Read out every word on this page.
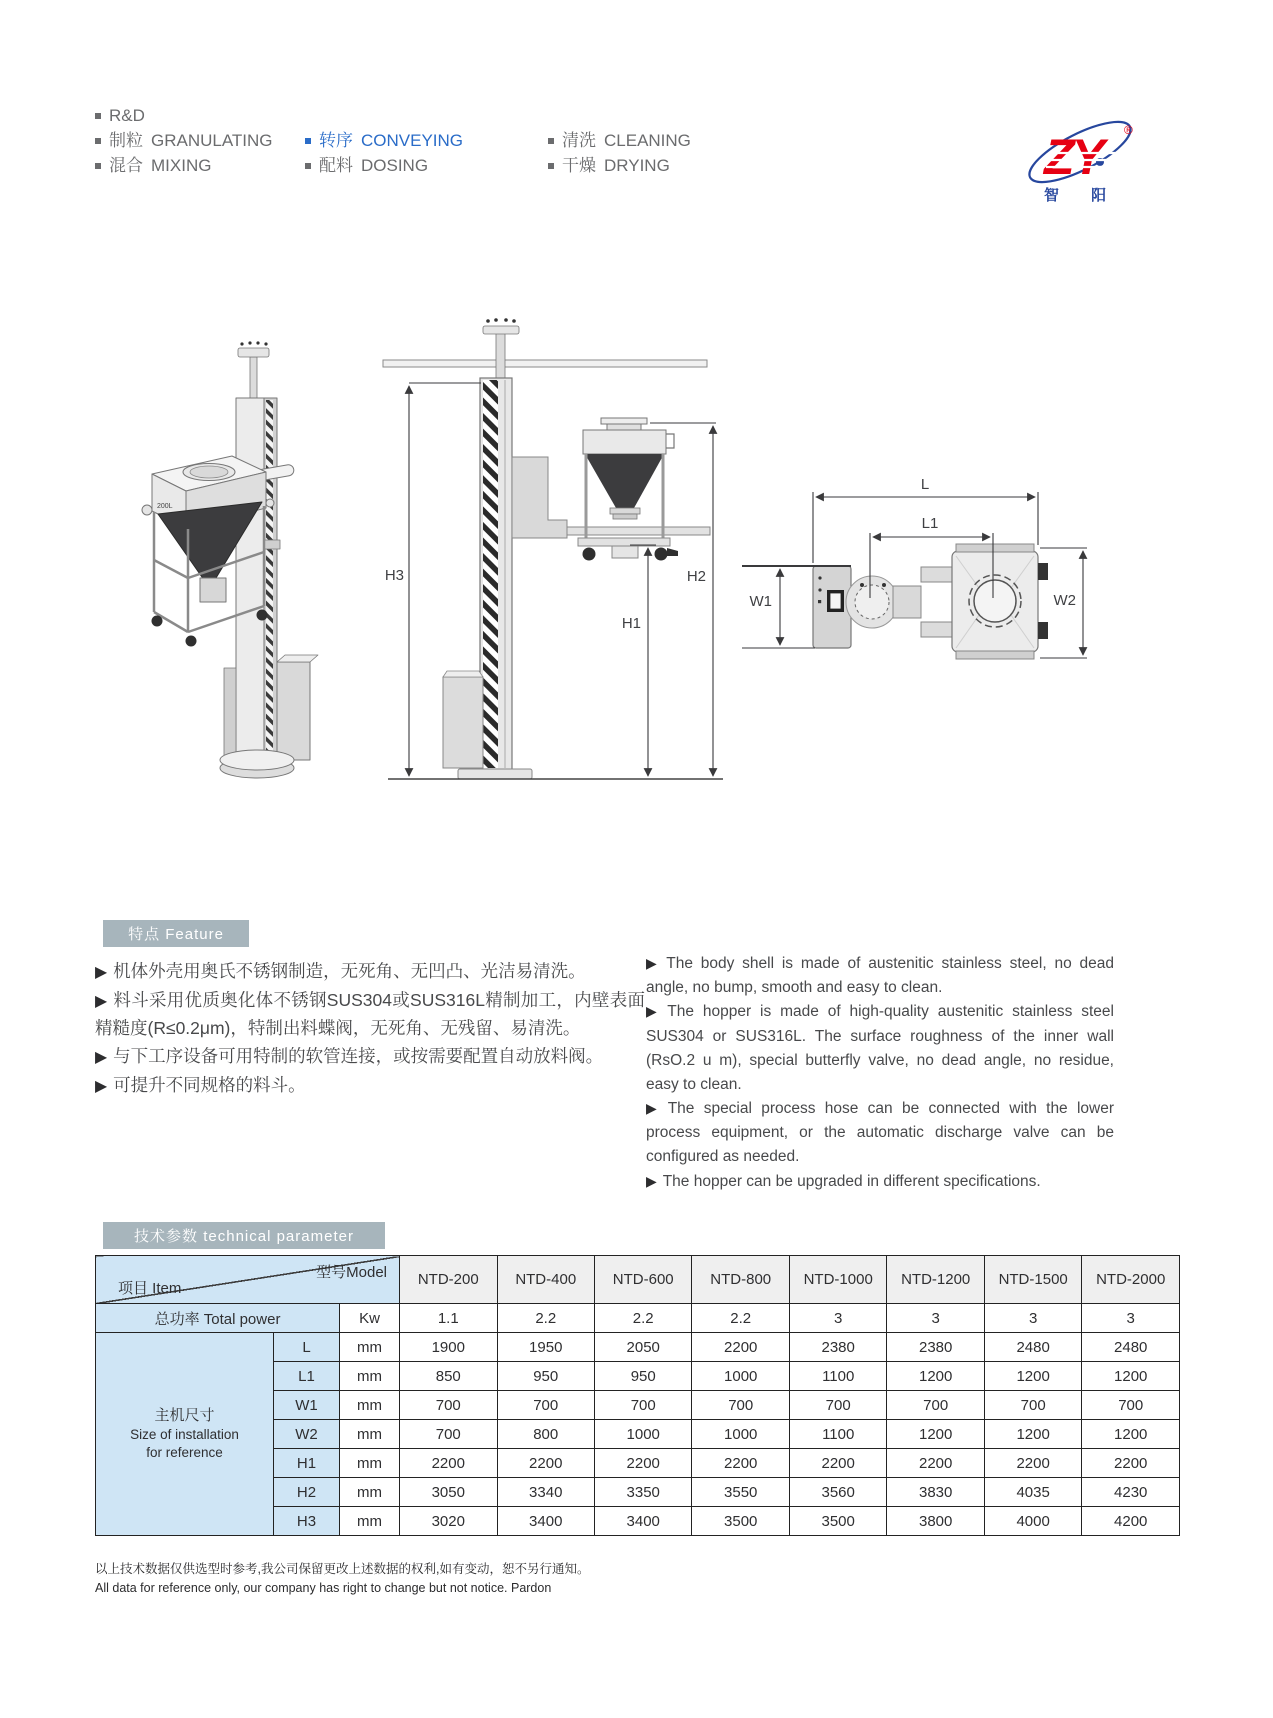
R&D
制粒 GRANULATING
混合 MIXING
转序 CONVEYING
配料 DOSING
清洗 CLEANING
干燥 DRYING	ZY	®
智 阳
200L
H3
H1
H2
W1	W2
L
L1
特点 Feature

▶ 机体外壳用奥氏不锈钢制造，无死角、无凹凸、光洁易清洗。

▶ 料斗采用优质奥化体不锈钢SUS304或SUS316L精制加工，内壁表面精糙度(R≤0.2μm)，特制出料蝶阀，无死角、无残留、易清洗。

▶ 与下工序设备可用特制的软管连接，或按需要配置自动放料阀。

▶ 可提升不同规格的料斗。

▶ The body shell is made of austenitic stainless steel, no dead angle, no bump, smooth and easy to clean.

▶ The hopper is made of high-quality austenitic stainless steel SUS304 or SUS316L. The surface roughness of the inner wall (RsO.2 u m), special butterfly valve, no dead angle, no residue, easy to clean.

▶ The special process hose can be connected with the lower process equipment, or the automatic discharge valve can be configured as needed.

▶ The hopper can be upgraded in different specifications.

技术参数 technical parameter
型号Model
项目 Item			NTD-200	NTD-400	NTD-600	NTD-800	NTD-1000	NTD-1200	NTD-1500	NTD-2000
总功率 Total power		Kw	1.1	2.2	2.2	2.2	3	3	3	3

主机尺寸
Size of installation
for reference	L	mm	1900	1950	2050	2200	2380	2380	2480	2480
	L1	mm	850	950	950	1000	1100	1200	1200	1200
	W1	mm	700	700	700	700	700	700	700	700
	W2	mm	700	800	1000	1000	1100	1200	1200	1200
	H1	mm	2200	2200	2200	2200	2200	2200	2200	2200
	H2	mm	3050	3340	3350	3550	3560	3830	4035	4230
	H3	mm	3020	3400	3400	3500	3500	3800	4000	4200
以上技术数据仅供选型时参考,我公司保留更改上述数据的权利,如有变动，恕不另行通知。
All data for reference only, our company has right to change but not notice. Pardon
